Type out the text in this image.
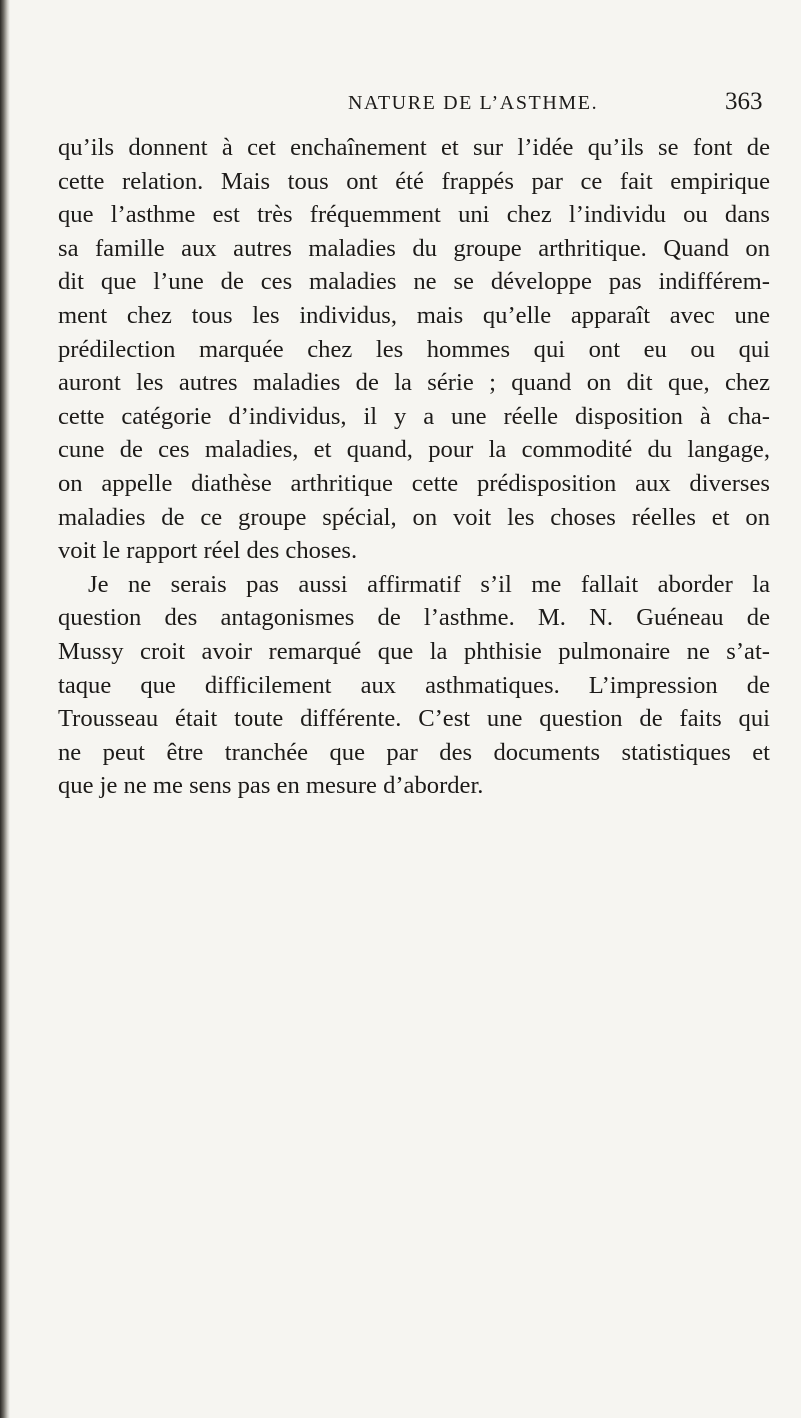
NATURE DE L’ASTHME.	363
qu’ils donnent à cet enchaînement et sur l’idée qu’ils se font de
cette relation. Mais tous ont été frappés par ce fait empirique
que l’asthme est très fréquemment uni chez l’individu ou dans
sa famille aux autres maladies du groupe arthritique. Quand on
dit que l’une de ces maladies ne se développe pas indifférem-
ment chez tous les individus, mais qu’elle apparaît avec une
prédilection marquée chez les hommes qui ont eu ou qui
auront les autres maladies de la série ; quand on dit que, chez
cette catégorie d’individus, il y a une réelle disposition à cha-
cune de ces maladies, et quand, pour la commodité du langage,
on appelle diathèse arthritique cette prédisposition aux diverses
maladies de ce groupe spécial, on voit les choses réelles et on
voit le rapport réel des choses.
Je ne serais pas aussi affirmatif s’il me fallait aborder la
question des antagonismes de l’asthme. M. N. Guéneau de
Mussy croit avoir remarqué que la phthisie pulmonaire ne s’at-
taque que difficilement aux asthmatiques. L’impression de
Trousseau était toute différente. C’est une question de faits qui
ne peut être tranchée que par des documents statistiques et
que je ne me sens pas en mesure d’aborder.
